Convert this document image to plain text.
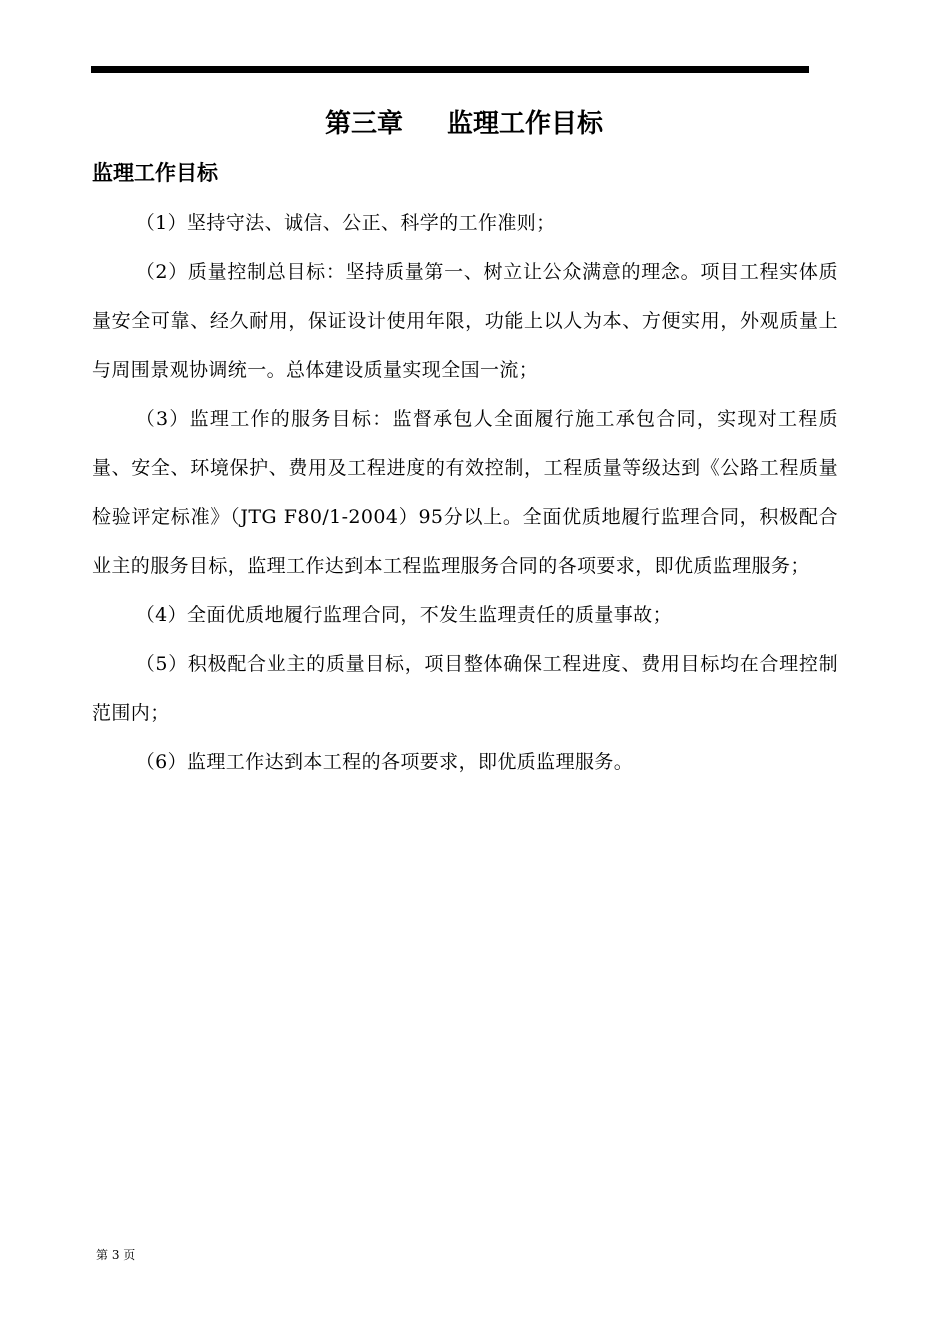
第三章 监理工作目标
监理工作目标

（1）坚持守法、诚信、公正、科学的工作准则；

（2）质量控制总目标：坚持质量第一、树立让公众满意的理念。项目工程实体质量安全可靠、经久耐用，保证设计使用年限，功能上以人为本、方便实用，外观质量上与周围景观协调统一。总体建设质量实现全国一流；

（3）监理工作的服务目标：监督承包人全面履行施工承包合同，实现对工程质量、安全、环境保护、费用及工程进度的有效控制，工程质量等级达到《公路工程质量检验评定标准》（JTG F80/1-2004）95分以上。全面优质地履行监理合同，积极配合业主的服务目标，监理工作达到本工程监理服务合同的各项要求，即优质监理服务；

（4）全面优质地履行监理合同，不发生监理责任的质量事故；

（5）积极配合业主的质量目标，项目整体确保工程进度、费用目标均在合理控制范围内；

（6）监理工作达到本工程的各项要求，即优质监理服务。

第 3 页
